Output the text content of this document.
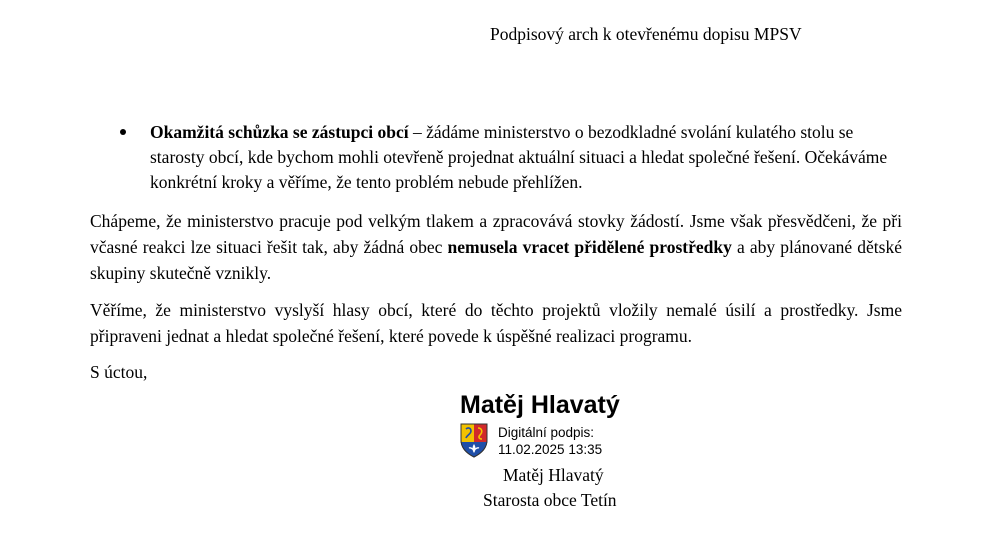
Podpisový arch k otevřenému dopisu MPSV
Okamžitá schůzka se zástupci obcí – žádáme ministerstvo o bezodkladné svolání kulatého stolu se starosty obcí, kde bychom mohli otevřeně projednat aktuální situaci a hledat společné řešení. Očekáváme konkrétní kroky a věříme, že tento problém nebude přehlížen.
Chápeme, že ministerstvo pracuje pod velkým tlakem a zpracovává stovky žádostí. Jsme však přesvědčeni, že při včasné reakci lze situaci řešit tak, aby žádná obec nemusela vracet přidělené prostředky a aby plánované dětské skupiny skutečně vznikly.
Věříme, že ministerstvo vyslyší hlasy obcí, které do těchto projektů vložily nemalé úsilí a prostředky. Jsme připraveni jednat a hledat společné řešení, které povede k úspěšné realizaci programu.
S úctou,
Matěj Hlavatý
Digitální podpis:
11.02.2025 13:35
Matěj Hlavatý
Starosta obce Tetín
